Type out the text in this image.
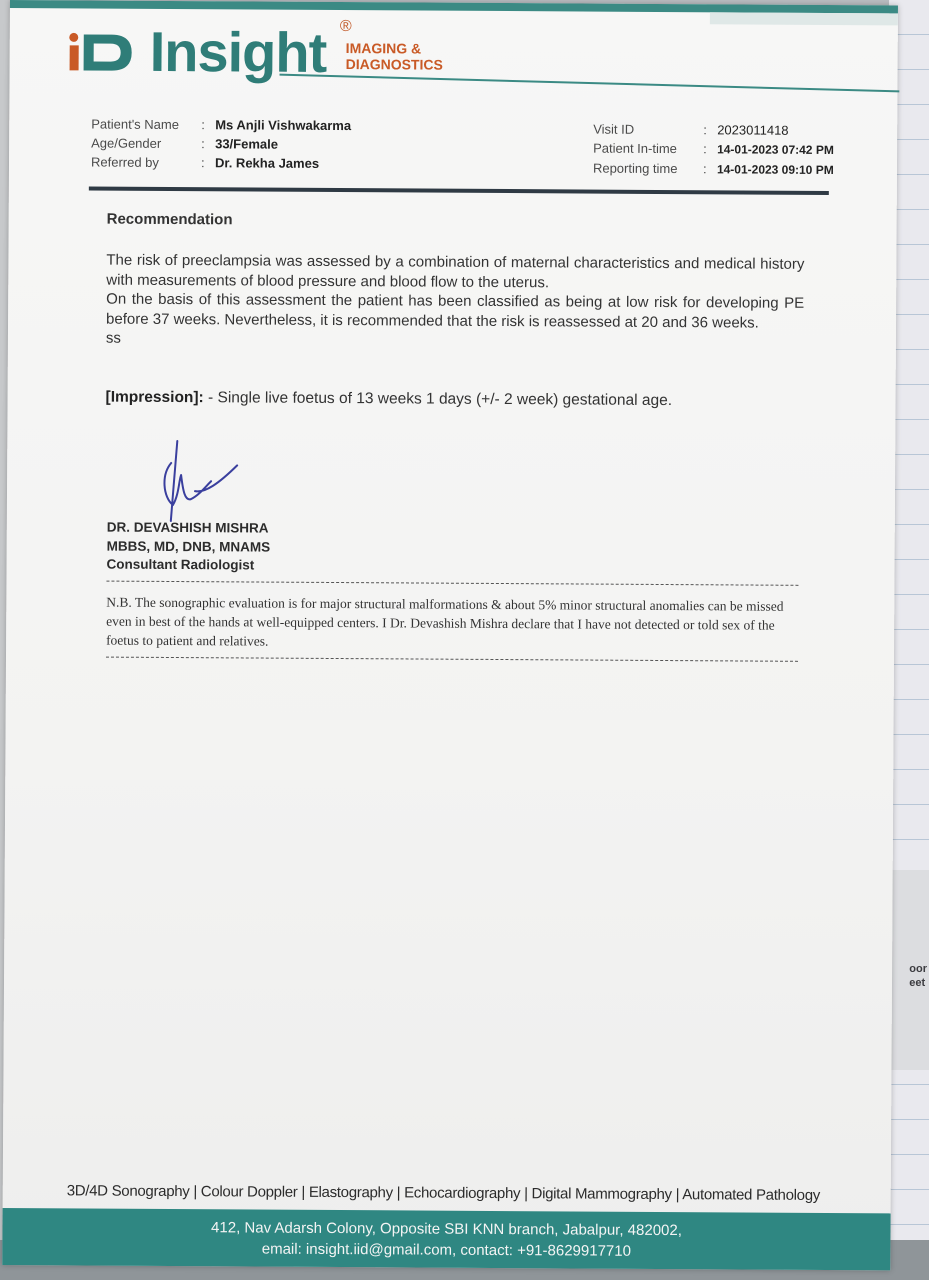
oor
eet
Insight ®
IMAGING &
DIAGNOSTICS
Patient's Name : Ms Anjli Vishwakarma
Age/Gender	: 33/Female
Referred by	: Dr. Rekha James
Visit ID	: 2023011418
Patient In-time : 14-01-2023 07:42 PM
Reporting time : 14-01-2023 09:10 PM
Recommendation

The risk of preeclampsia was assessed by a combination of maternal characteristics and medical history with measurements of blood pressure and blood flow to the uterus.

On the basis of this assessment the patient has been classified as being at low risk for developing PE before 37 weeks. Nevertheless, it is recommended that the risk is reassessed at 20 and 36 weeks.

ss

[Impression]: - Single live foetus of 13 weeks 1 days (+/- 2 week) gestational age.
DR. DEVASHISH MISHRA
MBBS, MD, DNB, MNAMS
Consultant Radiologist
N.B. The sonographic evaluation is for major structural malformations & about 5% minor structural anomalies can be missed even in best of the hands at well-equipped centers. I Dr. Devashish Mishra declare that I have not detected or told sex of the foetus to patient and relatives.
3D/4D Sonography | Colour Doppler | Elastography | Echocardiography | Digital Mammography | Automated Pathology
412, Nav Adarsh Colony, Opposite SBI KNN branch, Jabalpur, 482002,
email: insight.iid@gmail.com, contact: +91-8629917710
